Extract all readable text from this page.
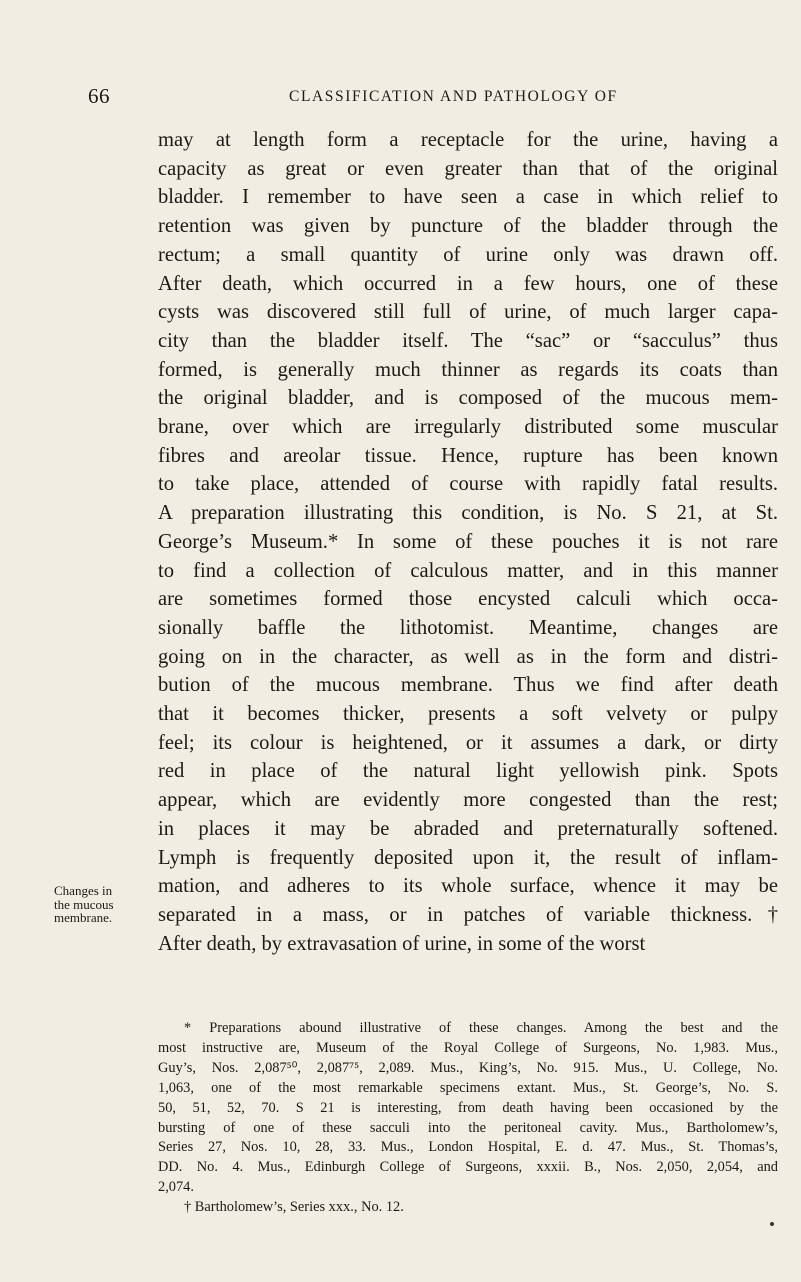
66	CLASSIFICATION AND PATHOLOGY OF
Changes in
the mucous
membrane.
may at length form a receptacle for the urine, having a
capacity as great or even greater than that of the original
bladder. I remember to have seen a case in which relief to
retention was given by puncture of the bladder through the
rectum; a small quantity of urine only was drawn off.
After death, which occurred in a few hours, one of these
cysts was discovered still full of urine, of much larger capa-
city than the bladder itself. The “sac” or “sacculus” thus
formed, is generally much thinner as regards its coats than
the original bladder, and is composed of the mucous mem-
brane, over which are irregularly distributed some muscular
fibres and areolar tissue. Hence, rupture has been known
to take place, attended of course with rapidly fatal results.
A preparation illustrating this condition, is No. S 21, at St.
George’s Museum.* In some of these pouches it is not rare
to find a collection of calculous matter, and in this manner
are sometimes formed those encysted calculi which occa-
sionally baffle the lithotomist. Meantime, changes are
going on in the character, as well as in the form and distri-
bution of the mucous membrane. Thus we find after death
that it becomes thicker, presents a soft velvety or pulpy
feel; its colour is heightened, or it assumes a dark, or dirty
red in place of the natural light yellowish pink. Spots
appear, which are evidently more congested than the rest;
in places it may be abraded and preternaturally softened.
Lymph is frequently deposited upon it, the result of inflam-
mation, and adheres to its whole surface, whence it may be
separated in a mass, or in patches of variable thickness.†
After death, by extravasation of urine, in some of the worst
* Preparations abound illustrative of these changes. Among the best and the
most instructive are, Museum of the Royal College of Surgeons, No. 1,983. Mus.,
Guy’s, Nos. 2,087⁵⁰, 2,087⁷⁵, 2,089. Mus., King’s, No. 915. Mus., U. College, No.
1,063, one of the most remarkable specimens extant. Mus., St. George’s, No. S.
50, 51, 52, 70. S 21 is interesting, from death having been occasioned by the
bursting of one of these sacculi into the peritoneal cavity. Mus., Bartholomew’s,
Series 27, Nos. 10, 28, 33. Mus., London Hospital, E. d. 47. Mus., St. Thomas’s,
DD. No. 4. Mus., Edinburgh College of Surgeons, xxxii. B., Nos. 2,050, 2,054, and
2,074.
† Bartholomew’s, Series xxx., No. 12.
